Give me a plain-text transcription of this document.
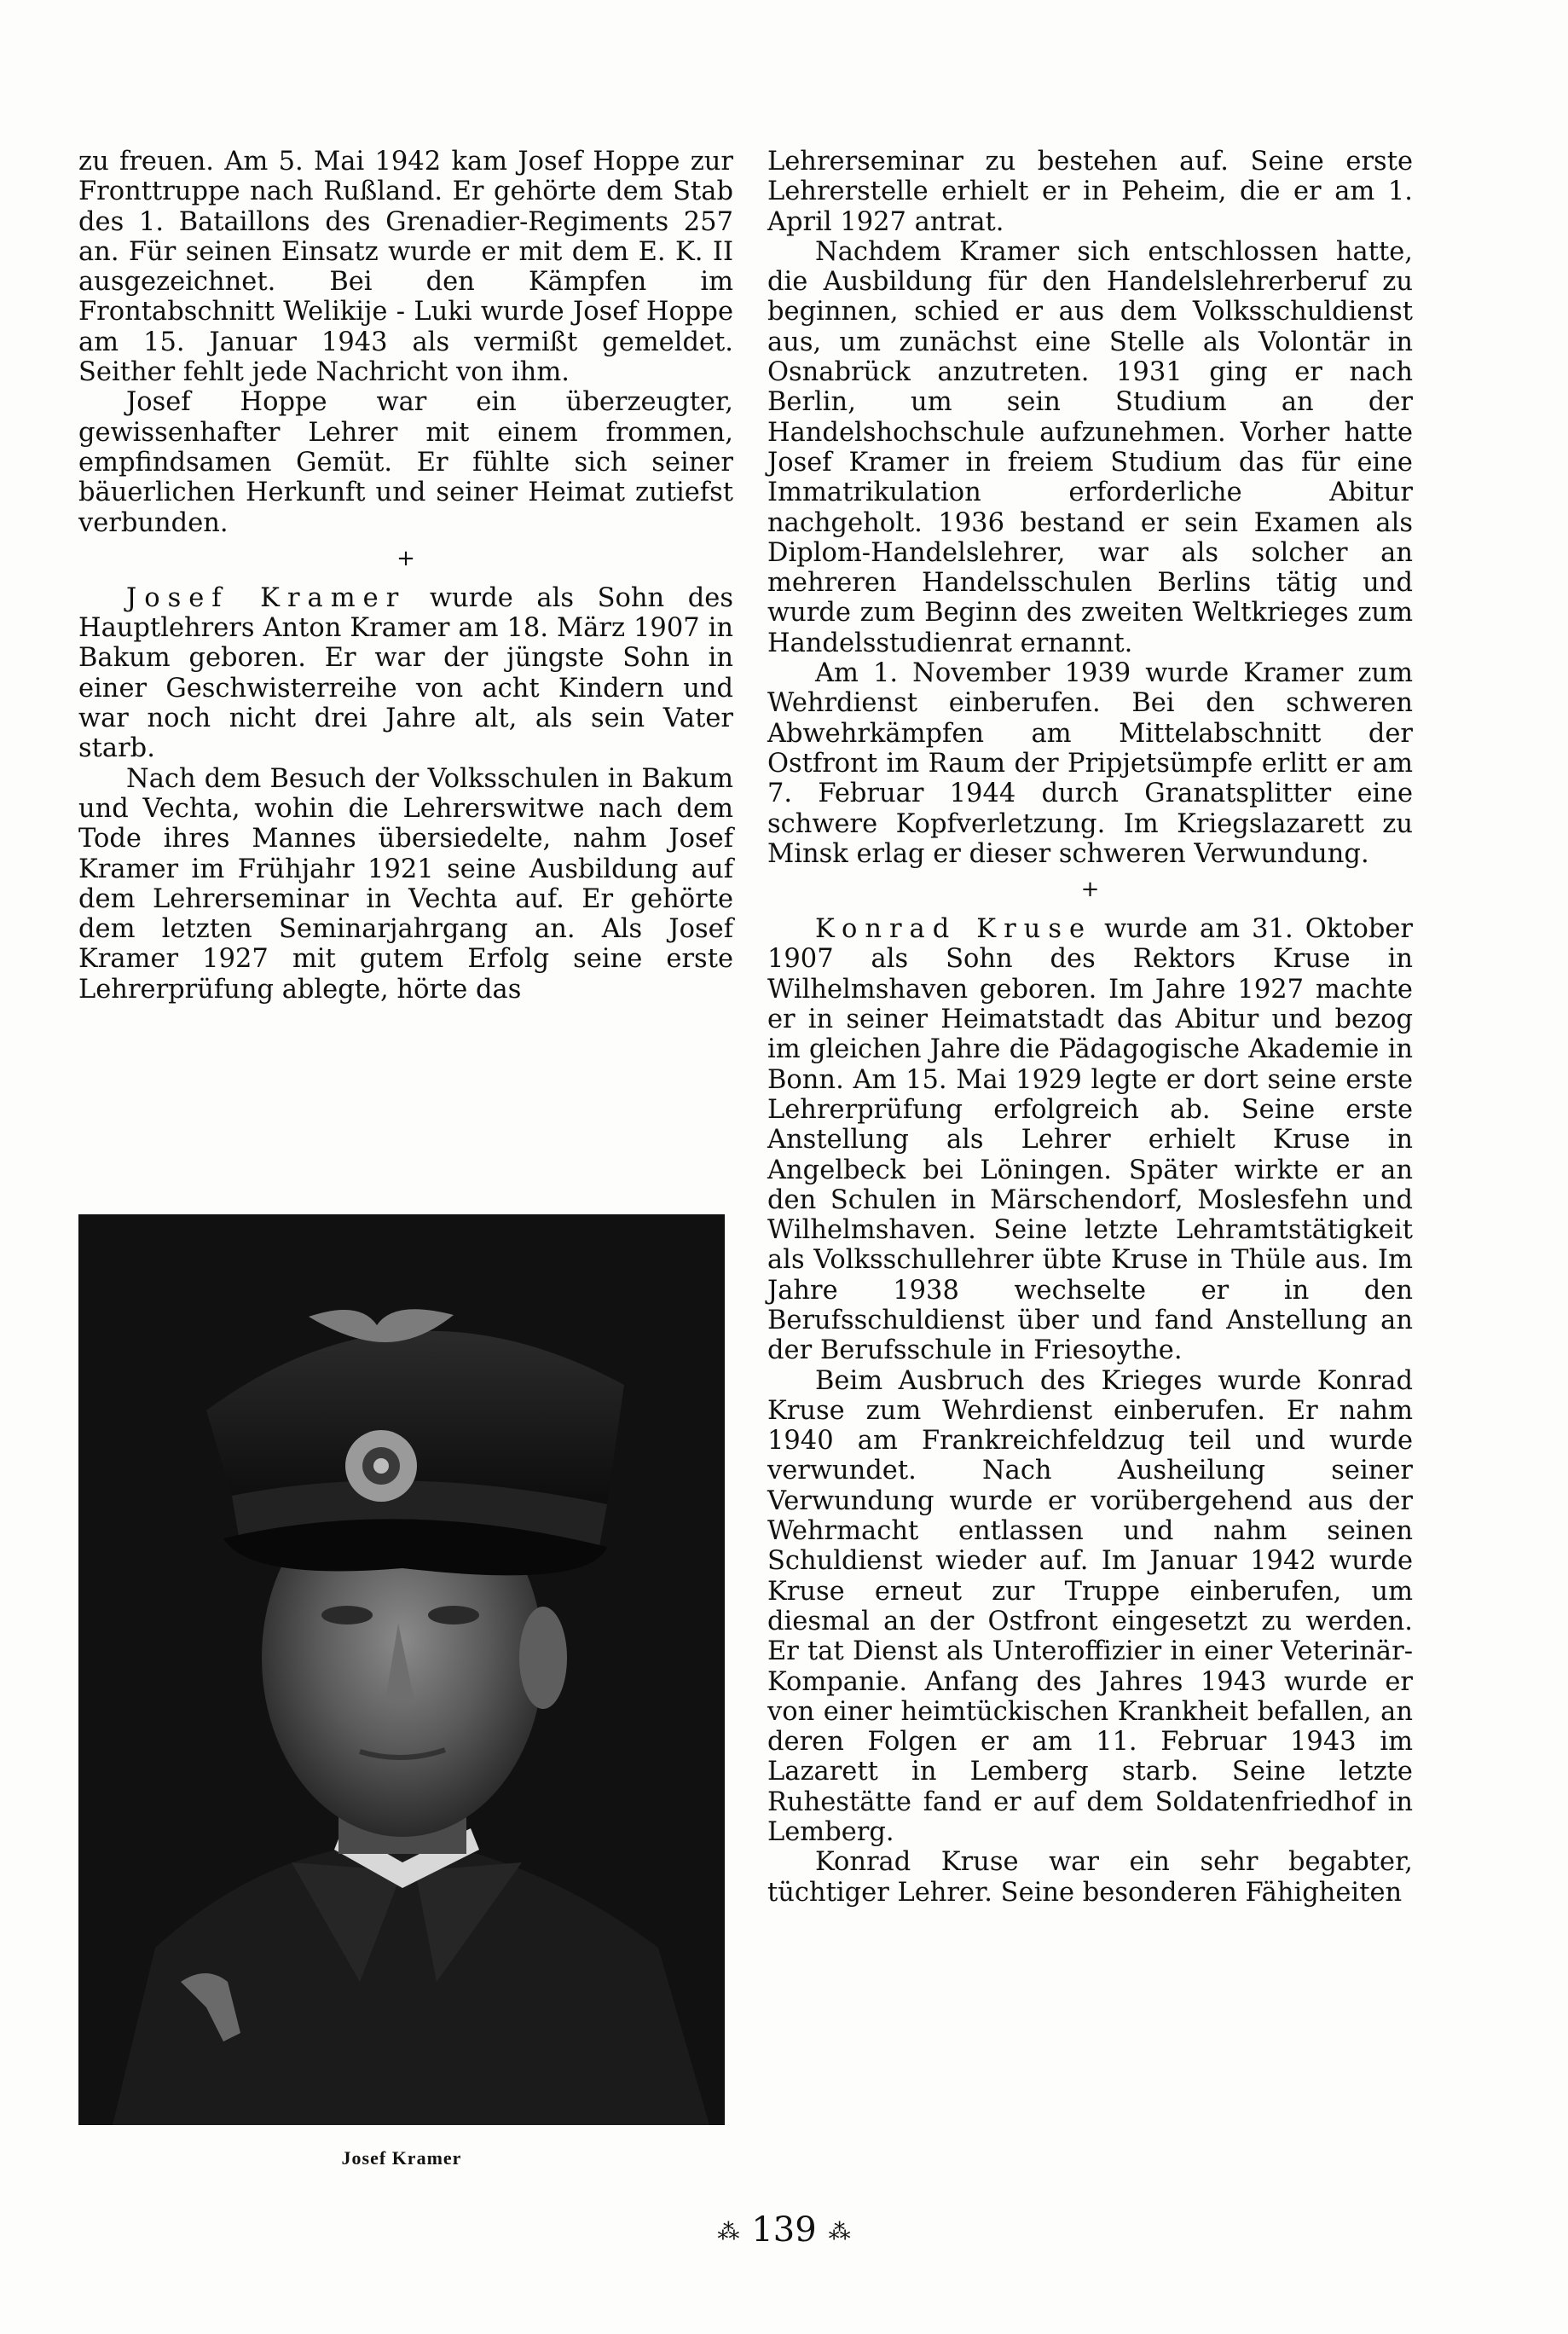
zu freuen. Am 5. Mai 1942 kam Josef Hoppe zur Fronttruppe nach Rußland. Er gehörte dem Stab des 1. Bataillons des Grenadier-Regiments 257 an. Für seinen Einsatz wurde er mit dem E. K. II ausgezeichnet. Bei den Kämpfen im Frontabschnitt Welikije - Luki wurde Josef Hoppe am 15. Januar 1943 als vermißt gemeldet. Seither fehlt jede Nachricht von ihm.

Josef Hoppe war ein überzeugter, gewissenhafter Lehrer mit einem frommen, empfindsamen Gemüt. Er fühlte sich seiner bäuerlichen Herkunft und seiner Heimat zutiefst verbunden.

+

Josef Kramer wurde als Sohn des Hauptlehrers Anton Kramer am 18. März 1907 in Bakum geboren. Er war der jüngste Sohn in einer Geschwisterreihe von acht Kindern und war noch nicht drei Jahre alt, als sein Vater starb.

Nach dem Besuch der Volksschulen in Bakum und Vechta, wohin die Lehrerswitwe nach dem Tode ihres Mannes übersiedelte, nahm Josef Kramer im Frühjahr 1921 seine Ausbildung auf dem Lehrerseminar in Vechta auf. Er gehörte dem letzten Seminarjahrgang an. Als Josef Kramer 1927 mit gutem Erfolg seine erste Lehrerprüfung ablegte, hörte das

Josef Kramer

Lehrerseminar zu bestehen auf. Seine erste Lehrerstelle erhielt er in Peheim, die er am 1. April 1927 antrat.

Nachdem Kramer sich entschlossen hatte, die Ausbildung für den Handelslehrerberuf zu beginnen, schied er aus dem Volksschuldienst aus, um zunächst eine Stelle als Volontär in Osnabrück anzutreten. 1931 ging er nach Berlin, um sein Studium an der Handelshochschule aufzunehmen. Vorher hatte Josef Kramer in freiem Studium das für eine Immatrikulation erforderliche Abitur nachgeholt. 1936 bestand er sein Examen als Diplom-Handelslehrer, war als solcher an mehreren Handelsschulen Berlins tätig und wurde zum Beginn des zweiten Weltkrieges zum Handelsstudienrat ernannt.

Am 1. November 1939 wurde Kramer zum Wehrdienst einberufen. Bei den schweren Abwehrkämpfen am Mittelabschnitt der Ostfront im Raum der Pripjetsümpfe erlitt er am 7. Februar 1944 durch Granatsplitter eine schwere Kopfverletzung. Im Kriegslazarett zu Minsk erlag er dieser schweren Verwundung.

+

Konrad Kruse wurde am 31. Oktober 1907 als Sohn des Rektors Kruse in Wilhelmshaven geboren. Im Jahre 1927 machte er in seiner Heimatstadt das Abitur und bezog im gleichen Jahre die Pädagogische Akademie in Bonn. Am 15. Mai 1929 legte er dort seine erste Lehrerprüfung erfolgreich ab. Seine erste Anstellung als Lehrer erhielt Kruse in Angelbeck bei Löningen. Später wirkte er an den Schulen in Märschendorf, Moslesfehn und Wilhelmshaven. Seine letzte Lehramtstätigkeit als Volksschullehrer übte Kruse in Thüle aus. Im Jahre 1938 wechselte er in den Berufsschuldienst über und fand Anstellung an der Berufsschule in Friesoythe.

Beim Ausbruch des Krieges wurde Konrad Kruse zum Wehrdienst einberufen. Er nahm 1940 am Frankreichfeldzug teil und wurde verwundet. Nach Ausheilung seiner Verwundung wurde er vorübergehend aus der Wehrmacht entlassen und nahm seinen Schuldienst wieder auf. Im Januar 1942 wurde Kruse erneut zur Truppe einberufen, um diesmal an der Ostfront eingesetzt zu werden. Er tat Dienst als Unteroffizier in einer Veterinär-Kompanie. Anfang des Jahres 1943 wurde er von einer heimtückischen Krankheit befallen, an deren Folgen er am 11. Februar 1943 im Lazarett in Lemberg starb. Seine letzte Ruhestätte fand er auf dem Soldatenfriedhof in Lemberg.

Konrad Kruse war ein sehr begabter, tüchtiger Lehrer. Seine besonderen Fähigheiten

⁂ 139 ⁂
